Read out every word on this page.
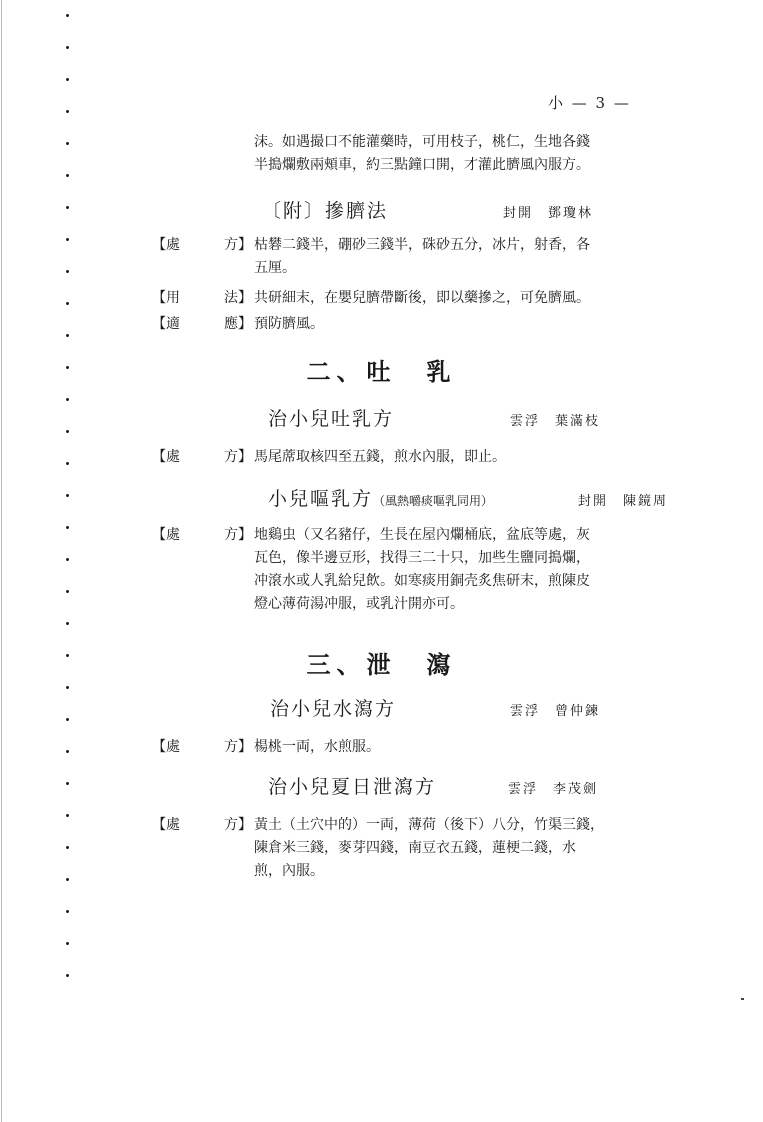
小 — 3 —
沫。如遇撮口不能灌藥時，可用枝子，桃仁，生地各錢
半搗爛敷兩頰車，約三點鐘口開，才灌此臍風內服方。
〔附〕摻臍法	封開　鄧瓊林
【處　方】 枯礬二錢半，硼砂三錢半，硃砂五分，冰片，射香，各
五厘。
【用　法】 共研細末，在嬰兒臍帶斷後，即以藥摻之，可免臍風。
【適　應】 預防臍風。
二、吐　乳
治小兒吐乳方	雲浮　葉滿枝
【處　方】 馬尾蓆取核四至五錢，煎水內服，即止。
小兒嘔乳方（風熱嚼痰嘔乳同用）	封開　陳鏡周
【處　方】 地鷄虫（又名豬仔，生長在屋內爛桶底，盆底等處，灰
瓦色，像半邊豆形，找得三二十只，加些生鹽同搗爛，
冲滾水或人乳給兒飲。如寒痰用銅壳炙焦研末，煎陳皮
燈心薄荷湯冲服，或乳汁開亦可。
三、泄　瀉
治小兒水瀉方	雲浮　曾仲鍊
【處　方】 楊桃一両，水煎服。
治小兒夏日泄瀉方	雲浮　李茂劍
【處　方】 黃土（土穴中的）一両，薄荷（後下）八分，竹渠三錢，
陳倉米三錢，麥芽四錢，南豆衣五錢，蓮梗二錢，水
煎，內服。
